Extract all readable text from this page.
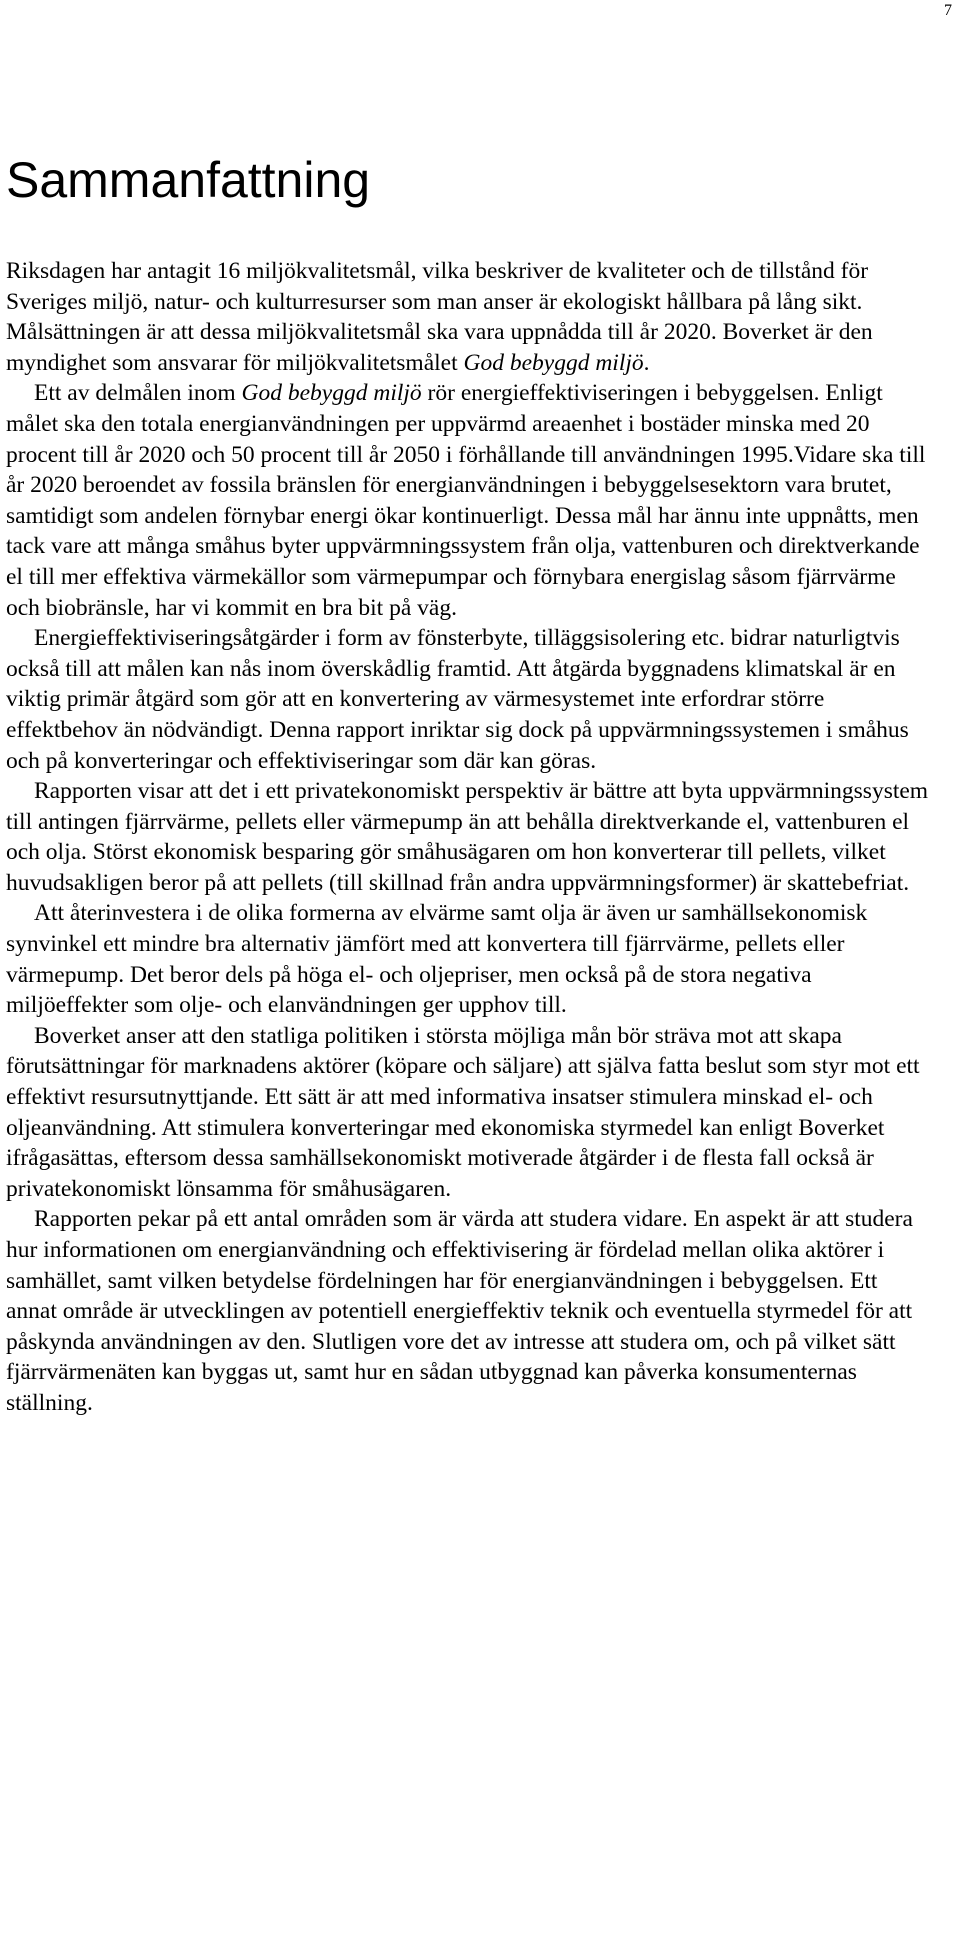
7
Sammanfattning

Riksdagen har antagit 16 miljökvalitetsmål, vilka beskriver de kvaliteter och de tillstånd för Sveriges miljö, natur- och kulturresurser som man anser är ekologiskt hållbara på lång sikt. Målsättningen är att dessa miljökvalitetsmål ska vara uppnådda till år 2020. Boverket är den myndighet som ansvarar för miljökvalitetsmålet God bebyggd miljö.

Ett av delmålen inom God bebyggd miljö rör energieffektiviseringen i bebyggelsen. Enligt målet ska den totala energianvändningen per uppvärmd areaenhet i bostäder minska med 20 procent till år 2020 och 50 procent till år 2050 i förhållande till användningen 1995.Vidare ska till år 2020 beroendet av fossila bränslen för energianvändningen i bebyggelsesektorn vara brutet, samtidigt som andelen förnybar energi ökar kontinuerligt. Dessa mål har ännu inte uppnåtts, men tack vare att många småhus byter uppvärmningssystem från olja, vattenburen och direktverkande el till mer effektiva värmekällor som värmepumpar och förnybara energislag såsom fjärrvärme och biobränsle, har vi kommit en bra bit på väg.

Energieffektiviseringsåtgärder i form av fönsterbyte, tilläggsisolering etc. bidrar naturligtvis också till att målen kan nås inom överskådlig framtid. Att åtgärda byggnadens klimatskal är en viktig primär åtgärd som gör att en konvertering av värmesystemet inte erfordrar större effektbehov än nödvändigt. Denna rapport inriktar sig dock på uppvärmningssystemen i småhus och på konverteringar och effektiviseringar som där kan göras.

Rapporten visar att det i ett privatekonomiskt perspektiv är bättre att byta uppvärmningssystem till antingen fjärrvärme, pellets eller värmepump än att behålla direktverkande el, vattenburen el och olja. Störst ekonomisk besparing gör småhusägaren om hon konverterar till pellets, vilket huvudsakligen beror på att pellets (till skillnad från andra uppvärmningsformer) är skattebefriat.

Att återinvestera i de olika formerna av elvärme samt olja är även ur samhällsekonomisk synvinkel ett mindre bra alternativ jämfört med att konvertera till fjärrvärme, pellets eller värmepump. Det beror dels på höga el- och oljepriser, men också på de stora negativa miljöeffekter som olje- och elanvändningen ger upphov till.

Boverket anser att den statliga politiken i största möjliga mån bör sträva mot att skapa förutsättningar för marknadens aktörer (köpare och säljare) att själva fatta beslut som styr mot ett effektivt resursutnyttjande. Ett sätt är att med informativa insatser stimulera minskad el- och oljeanvändning. Att stimulera konverteringar med ekonomiska styrmedel kan enligt Boverket ifrågasättas, eftersom dessa samhällsekonomiskt motiverade åtgärder i de flesta fall också är privatekonomiskt lönsamma för småhusägaren.

Rapporten pekar på ett antal områden som är värda att studera vidare. En aspekt är att studera hur informationen om energianvändning och effektivisering är fördelad mellan olika aktörer i samhället, samt vilken betydelse fördelningen har för energianvändningen i bebyggelsen. Ett annat område är utvecklingen av potentiell energieffektiv teknik och eventuella styrmedel för att påskynda användningen av den. Slutligen vore det av intresse att studera om, och på vilket sätt fjärrvärmenäten kan byggas ut, samt hur en sådan utbyggnad kan påverka konsumenternas ställning.
